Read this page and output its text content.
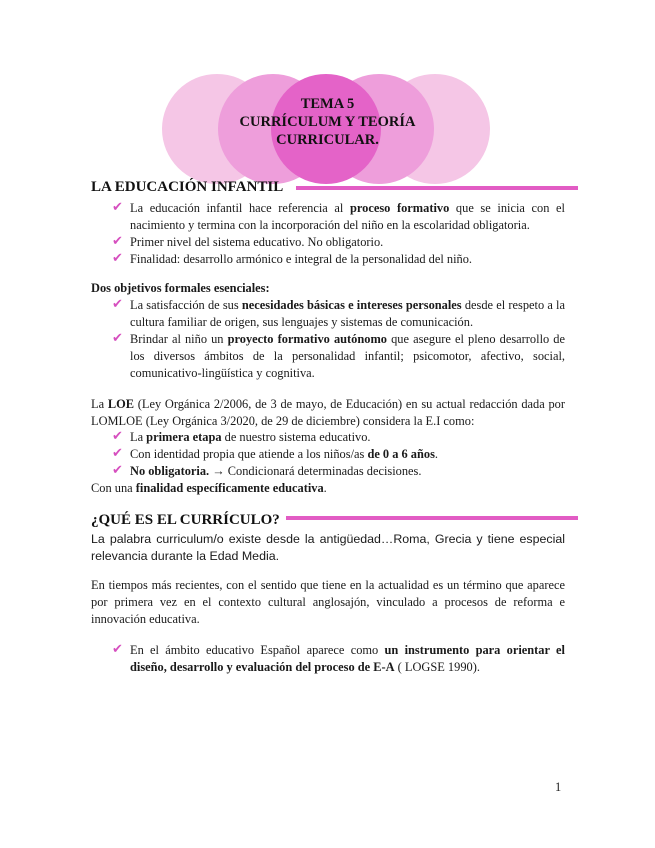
TEMA 5
CURRÍCULUM Y TEORÍA
CURRICULAR.
LA EDUCACIÓN INFANTIL
✔ La educación infantil hace referencia al proceso formativo que se inicia con el nacimiento y termina con la incorporación del niño en la escolaridad obligatoria.
✔ Primer nivel del sistema educativo. No obligatorio.
✔ Finalidad: desarrollo armónico e integral de la personalidad del niño.
Dos objetivos formales esenciales:
✔ La satisfacción de sus necesidades básicas e intereses personales desde el respeto a la cultura familiar de origen, sus lenguajes y sistemas de comunicación.
✔ Brindar al niño un proyecto formativo autónomo que asegure el pleno desarrollo de los diversos ámbitos de la personalidad infantil; psicomotor, afectivo, social, comunicativo-lingüística y cognitiva.
La LOE (Ley Orgánica 2/2006, de 3 de mayo, de Educación) en su actual redacción dada por LOMLOE (Ley Orgánica 3/2020, de 29 de diciembre) considera la E.I como:
✔ La primera etapa de nuestro sistema educativo.
✔ Con identidad propia que atiende a los niños/as de 0 a 6 años.
✔ No obligatoria. → Condicionará determinadas decisiones.
Con una finalidad específicamente educativa.
¿QUÉ ES EL CURRÍCULO?
La palabra curriculum/o existe desde la antigüedad…Roma, Grecia y tiene especial relevancia durante la Edad Media.
En tiempos más recientes, con el sentido que tiene en la actualidad es un término que aparece por primera vez en el contexto cultural anglosajón, vinculado a procesos de reforma e innovación educativa.
✔ En el ámbito educativo Español aparece como un instrumento para orientar el diseño, desarrollo y evaluación del proceso de E-A ( LOGSE 1990).
1
